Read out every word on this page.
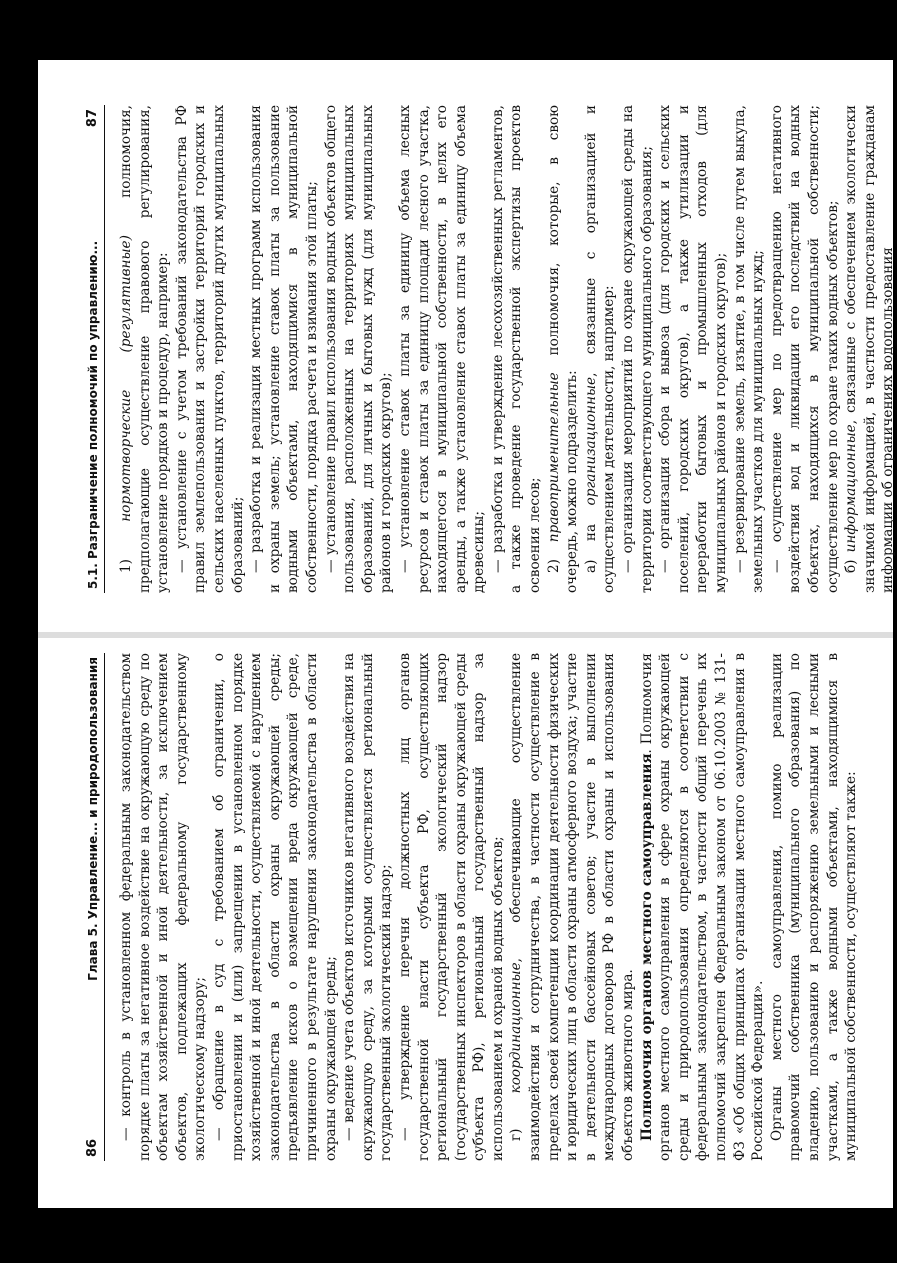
5.1. Разграничение полномочий по управлению...
87

1) нормотворческие (регулятивные) полномочия, предполагающие осуществление правового регулирования, установление порядков и процедур, например: — установление с учетом требований законодательства РФ правил землепользования и застройки территорий городских и сельских населенных пунктов, территорий других муниципальных образований; — разработка и реализация местных программ использования и охраны земель; установление ставок платы за пользование водными объектами, находящимися в муниципальной собственности, порядка расчета и взимания этой платы; — установление правил использования водных объектов общего пользования, расположенных на территориях муниципальных образований, для личных и бытовых нужд (для муниципальных районов и городских округов); — установление ставок платы за единицу объема лесных ресурсов и ставок платы за единицу площади лесного участка, находящегося в муниципальной собственности, в целях его аренды, а также установление ставок платы за единицу объема древесины; — разработка и утверждение лесохозяйственных регламентов, а также проведение государственной экспертизы проектов освоения лесов; 2) правоприменительные полномочия, которые, в свою очередь, можно подразделить: а) на организационные, связанные с организацией и осуществлением деятельности, например: — организация мероприятий по охране окружающей среды на территории соответствующего муниципального образования; — организация сбора и вывоза (для городских и сельских поселений, городских округов), а также утилизации и переработки бытовых и промышленных отходов (для муниципальных районов и городских округов); — резервирование земель, изъятие, в том числе путем выкупа, земельных участков для муниципальных нужд; — осуществление мер по предотвращению негативного воздействия вод и ликвидации его последствий на водных объектах, находящихся в муниципальной собственности; осуществление мер по охране таких водных объектов; б) информационные, связанные с обеспечением экологически значимой информацией, в частности предоставление гражданам информации об ограничениях водопользования

86
Глава 5. Управление... и природопользования — контроль в установленном федеральным законодательством порядке платы за негативное воздействие на окружающую среду по объектам хозяйственной и иной деятельности, за исключением объектов, подлежащих федеральному государственному экологическому надзору; — обращение в суд с требованием об ограничении, о приостановлении и (или) запрещении в установленном порядке хозяйственной и иной деятельности, осуществляемой с нарушением законодательства в области охраны окружающей среды; предъявление исков о возмещении вреда окружающей среде, причиненного в результате нарушения законодательства в области охраны окружающей среды; — ведение учета объектов источников негативного воздействия на окружающую среду, за которыми осуществляется региональный государственный экологический надзор; — утверждение перечня должностных лиц органов государственной власти субъекта РФ, осуществляющих региональный государственный экологический надзор (государственных инспекторов в области охраны окружающей среды субъекта РФ), региональный государственный надзор за использованием и охраной водных объектов; г) координационные, обеспечивающие осуществление взаимодействия и сотрудничества, в частности осуществление в пределах своей компетенции координации деятельности физических и юридических лиц в области охраны атмосферного воздуха; участие в деятельности бассейновых советов; участие в выполнении международных договоров РФ в области охраны и использования объектов животного мира. Полномочия органов местного самоуправления. Полномочия органов местного самоуправления в сфере охраны окружающей среды и природопользования определяются в соответствии с федеральным законодательством, в частности общий перечень их полномочий закреплен Федеральным законом от 06.10.2003 № 131-ФЗ «Об общих принципах организации местного самоуправления в Российской Федерации». Органы местного самоуправления, помимо реализации правомочий собственника (муниципального образования) по владению, пользованию и распоряжению земельными и лесными участками, а также водными объектами, находящимися в муниципальной собственности, осуществляют также:
